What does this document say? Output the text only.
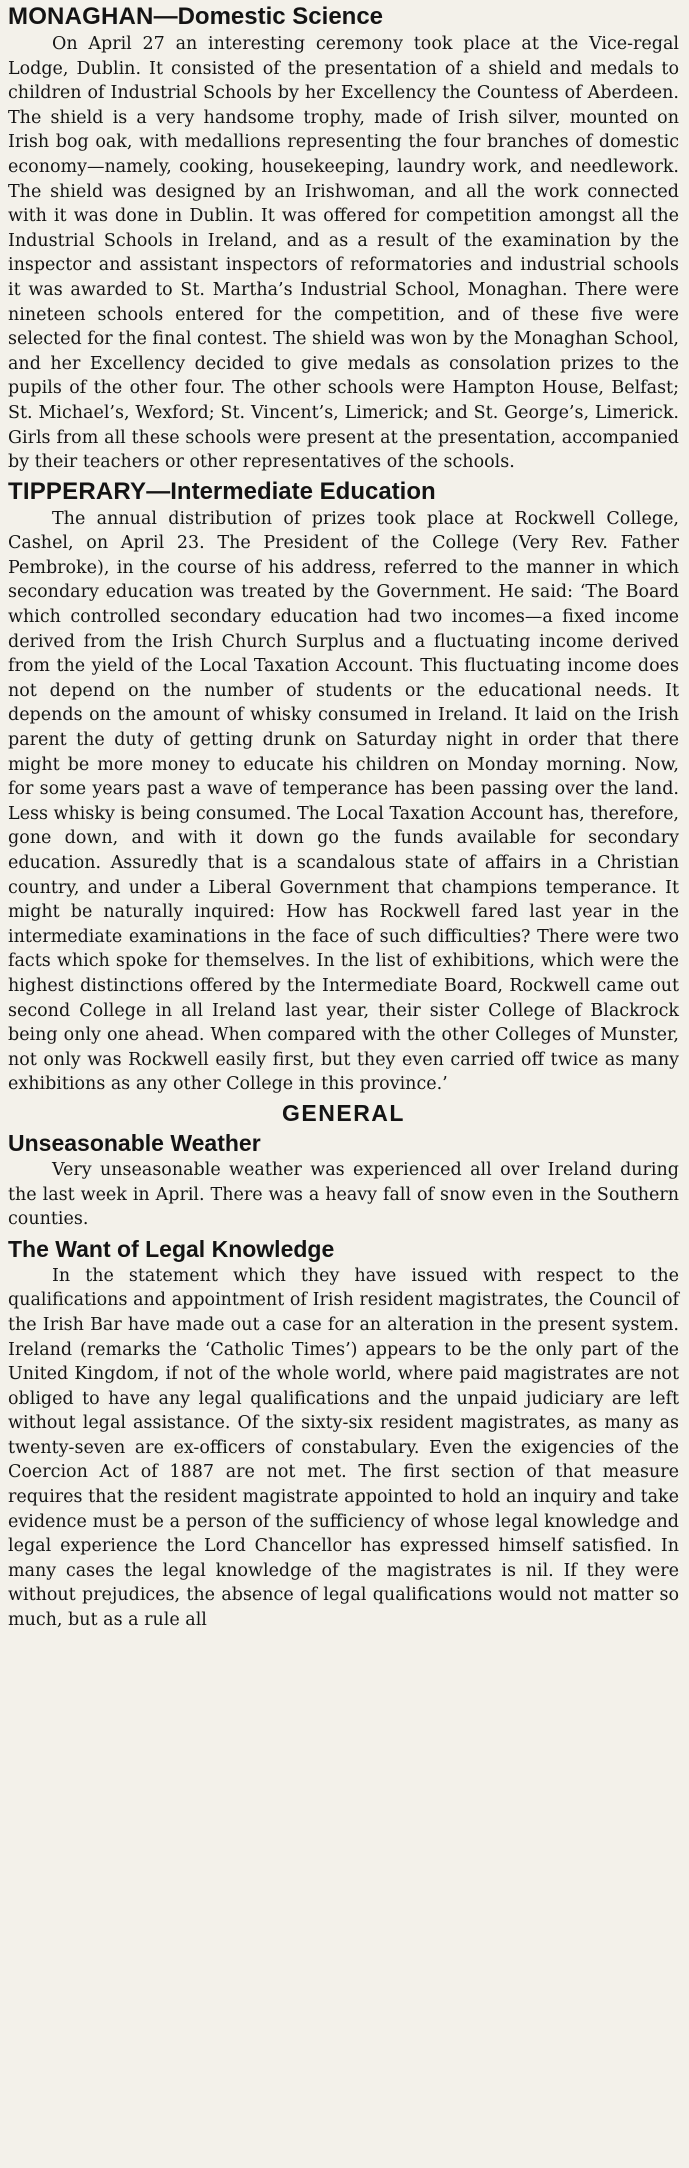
MONAGHAN—Domestic Science

On April 27 an interesting ceremony took place at the Vice-regal Lodge, Dublin. It consisted of the presentation of a shield and medals to children of Industrial Schools by her Excellency the Countess of Aberdeen. The shield is a very handsome trophy, made of Irish silver, mounted on Irish bog oak, with medallions representing the four branches of domestic economy—namely, cooking, housekeeping, laundry work, and needlework. The shield was designed by an Irishwoman, and all the work connected with it was done in Dublin. It was offered for competition amongst all the Industrial Schools in Ireland, and as a result of the examination by the inspector and assistant inspectors of reformatories and industrial schools it was awarded to St. Martha’s Industrial School, Monaghan. There were nineteen schools entered for the competition, and of these five were selected for the final contest. The shield was won by the Monaghan School, and her Excellency decided to give medals as consolation prizes to the pupils of the other four. The other schools were Hampton House, Belfast; St. Michael’s, Wexford; St. Vincent’s, Limerick; and St. George’s, Limerick. Girls from all these schools were present at the presentation, accompanied by their teachers or other representatives of the schools.

TIPPERARY—Intermediate Education

The annual distribution of prizes took place at Rockwell College, Cashel, on April 23. The President of the College (Very Rev. Father Pembroke), in the course of his address, referred to the manner in which secondary education was treated by the Government. He said: ‘The Board which controlled secondary education had two incomes—a fixed income derived from the Irish Church Surplus and a fluctuating income derived from the yield of the Local Taxation Account. This fluctuating income does not depend on the number of students or the educational needs. It depends on the amount of whisky consumed in Ireland. It laid on the Irish parent the duty of getting drunk on Saturday night in order that there might be more money to educate his children on Monday morning. Now, for some years past a wave of temperance has been passing over the land. Less whisky is being consumed. The Local Taxation Account has, therefore, gone down, and with it down go the funds available for secondary education. Assuredly that is a scandalous state of affairs in a Christian country, and under a Liberal Government that champions temperance. It might be naturally inquired: How has Rockwell fared last year in the intermediate examinations in the face of such difficulties? There were two facts which spoke for themselves. In the list of exhibitions, which were the highest distinctions offered by the Intermediate Board, Rockwell came out second College in all Ireland last year, their sister College of Blackrock being only one ahead. When compared with the other Colleges of Munster, not only was Rockwell easily first, but they even carried off twice as many exhibitions as any other College in this province.’

GENERAL
Unseasonable Weather

Very unseasonable weather was experienced all over Ireland during the last week in April. There was a heavy fall of snow even in the Southern counties.

The Want of Legal Knowledge

In the statement which they have issued with respect to the qualifications and appointment of Irish resident magistrates, the Council of the Irish Bar have made out a case for an alteration in the present system. Ireland (remarks the ‘Catholic Times’) appears to be the only part of the United Kingdom, if not of the whole world, where paid magistrates are not obliged to have any legal qualifications and the unpaid judiciary are left without legal assistance. Of the sixty-six resident magistrates, as many as twenty-seven are ex-officers of constabulary. Even the exigencies of the Coercion Act of 1887 are not met. The first section of that measure requires that the resident magistrate appointed to hold an inquiry and take evidence must be a person of the sufficiency of whose legal knowledge and legal experience the Lord Chancellor has expressed himself satisfied. In many cases the legal knowledge of the magistrates is nil. If they were without prejudices, the absence of legal qualifications would not matter so much, but as a rule all
